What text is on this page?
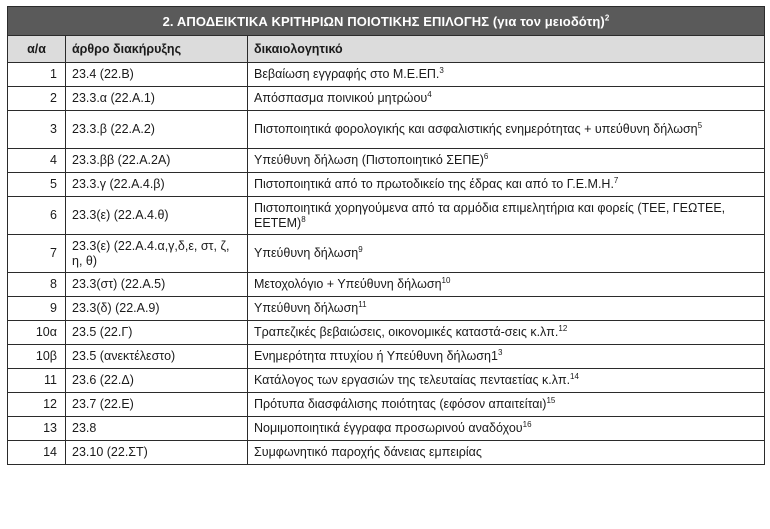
2. ΑΠΟΔΕΙΚΤΙΚΑ ΚΡΙΤΗΡΙΩΝ ΠΟΙΟΤΙΚΗΣ ΕΠΙΛΟΓΗΣ (για τον μειοδότη)$^2$
α/α	άρθρο διακήρυξης	δικαιολογητικό
1	23.4 (22.Β)	Βεβαίωση εγγραφής στο Μ.Ε.ΕΠ.$^3$
2	23.3.α (22.Α.1)	Απόσπασμα ποινικού μητρώου$^4$
3	23.3.β (22.Α.2)	Πιστοποιητικά φορολογικής και ασφαλιστικής ενημερότητας + υπεύθυνη δήλωση$^5$
4	23.3.ββ (22.Α.2Α)	Υπεύθυνη δήλωση (Πιστοποιητικό ΣΕΠΕ)$^6$
5	23.3.γ (22.Α.4.β)	Πιστοποιητικά από το πρωτοδικείο της έδρας και από το Γ.Ε.Μ.Η.$^7$
6	23.3(ε) (22.Α.4.θ)	Πιστοποιητικά χορηγούμενα από τα αρμόδια επιμελητήρια και φορείς (ΤΕΕ, ΓΕΩΤΕΕ, ΕΕΤΕΜ)$^8$
7	23.3(ε) (22.Α.4.α,γ,δ,ε, στ, ζ, η, θ)	Υπεύθυνη δήλωση$^9$
8	23.3(στ) (22.Α.5)	Μετοχολόγιο + Υπεύθυνη δήλωση$^{10}$
9	23.3(δ) (22.Α.9)	Υπεύθυνη δήλωση$^{11}$
10α	23.5 (22.Γ)	Τραπεζικές βεβαιώσεις, οικονομικές καταστά-σεις κ.λπ.$^{12}$
10β	23.5 (ανεκτέλεστο)	Ενημερότητα πτυχίου ή Υπεύθυνη $\delta ή\lambda\omega\sigma\eta 1^3$
11	23.6 (22.Δ)	Κατάλογος των εργασιών της τελευταίας πενταετίας κ.λπ.$^{14}$
12	23.7 (22.Ε)	Πρότυπα διασφάλισης ποιότητας (εφόσον απαιτείται)$^{15}$
13	23.8	Νομιμοποιητικά έγγραφα προσωρινού αναδόχου$^{16}$
14	23.10 (22.ΣΤ)	Συμφωνητικό παροχής δάνειας εμπειρίας
